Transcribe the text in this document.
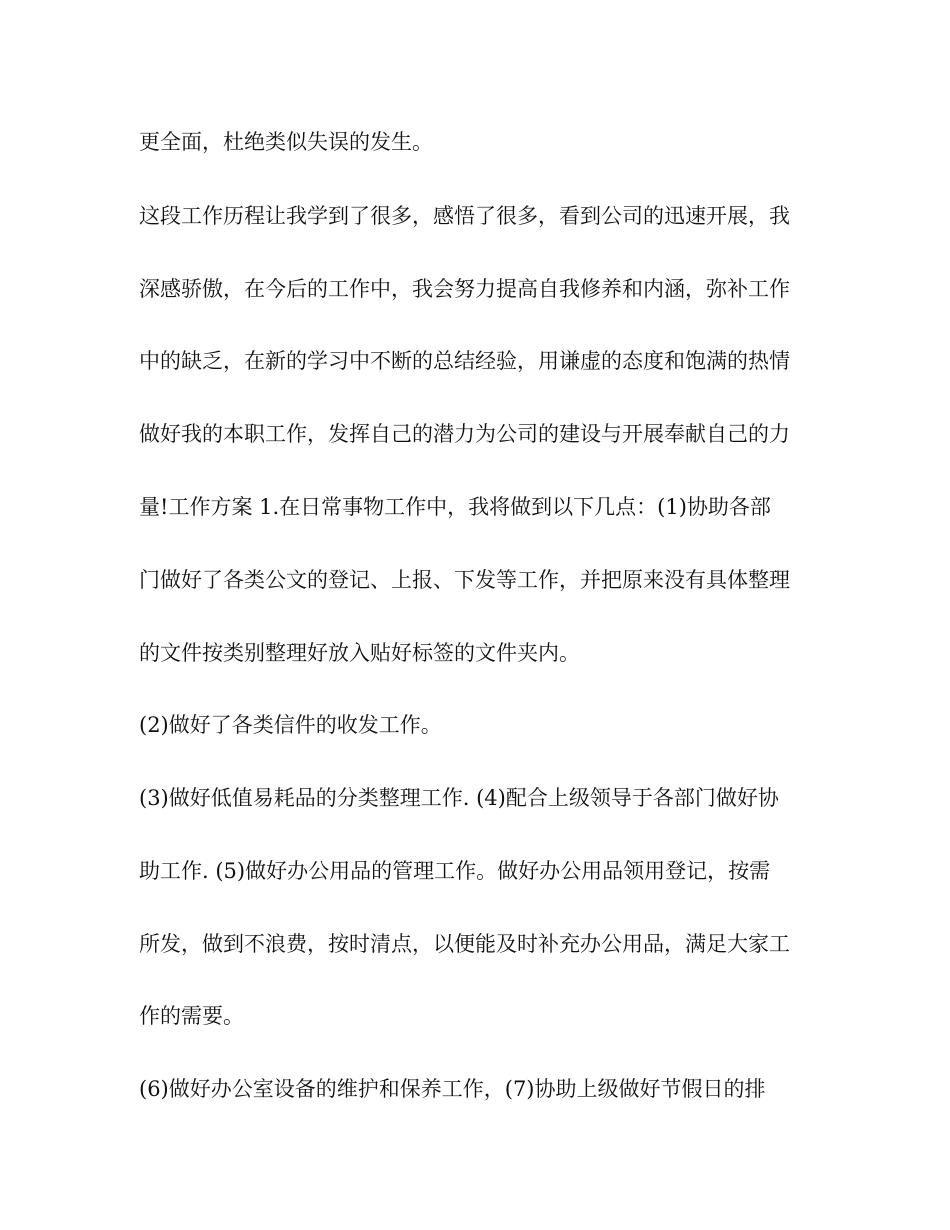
更全面，杜绝类似失误的发生。
这段工作历程让我学到了很多，感悟了很多，看到公司的迅速开展，我
深感骄傲，在今后的工作中，我会努力提高自我修养和内涵，弥补工作
中的缺乏，在新的学习中不断的总结经验，用谦虚的态度和饱满的热情
做好我的本职工作，发挥自己的潜力为公司的建设与开展奉献自己的力
量!工作方案 1.在日常事物工作中，我将做到以下几点：(1)协助各部
门做好了各类公文的登记、上报、下发等工作，并把原来没有具体整理
的文件按类别整理好放入贴好标签的文件夹内。
(2)做好了各类信件的收发工作。
(3)做好低值易耗品的分类整理工作. (4)配合上级领导于各部门做好协
助工作. (5)做好办公用品的管理工作。做好办公用品领用登记，按需
所发，做到不浪费，按时清点，以便能及时补充办公用品，满足大家工
作的需要。
(6)做好办公室设备的维护和保养工作，(7)协助上级做好节假日的排
